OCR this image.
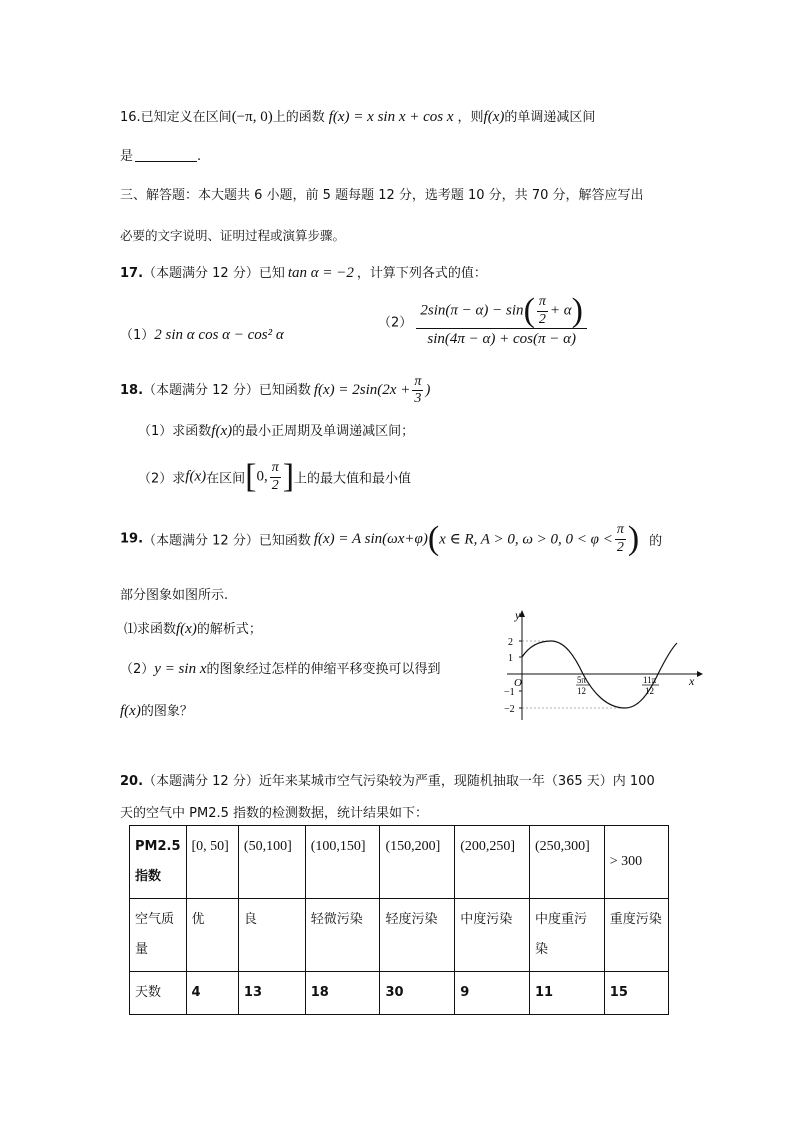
16.已知定义在区间(−π, 0)上的函数 f(x) = x sin x + cos x ，则f(x)的单调递减区间
是	.
三、解答题：本大题共 6 小题，前 5 题每题 12 分，选考题 10 分，共 70 分，解答应写出
必要的文字说明、证明过程或演算步骤。
17.（本题满分 12 分）已知 tan α = −2 ，计算下列各式的值：
（1）2 sin α cos α − cos² α
$(2) \frac{2\sin(\pi - \alpha) - \sin( \frac{\pi}{2} + \alpha)}{\sin(4\pi - \alpha) + \cos(\pi - \alpha)}$
18.（本题满分 12 分）已知函数 $f(x) = 2\sin(2x + \frac{\pi}{3}$ )
（1）求函数f(x)的最小正周期及单调递减区间；
（2）求f(x)在区间[0, $\frac{\pi}{2}$ ]上的最大值和最小值
19.（本题满分 12 分）已知函数 f(x) = A sin(ωx+φ)(x ∈ R, A > 0, ω > 0, $0 < \varphi < \frac{\pi}{2}$ ) 的
部分图象如图所示.
⑴求函数f(x)的解析式；
（2）y = sin x的图象经过怎样的伸缩平移变换可以得到
f(x)的图象？
y
x
O
2
1
−1
−2
5π
12
11π
12
20.（本题满分 12 分）近年来某城市空气污染较为严重，现随机抽取一年（365 天）内 100
天的空气中 PM2.5 指数的检测数据，统计结果如下：
PM2.5 指数	[0, 50]	(50,100]	(100,150]	(150,200]	(200,250]	(250,300]	> 300
空气质量	优	良	轻微污染	轻度污染	中度污染	中度重污染	重度污染
天数	4	13	18	30	9	11	15
